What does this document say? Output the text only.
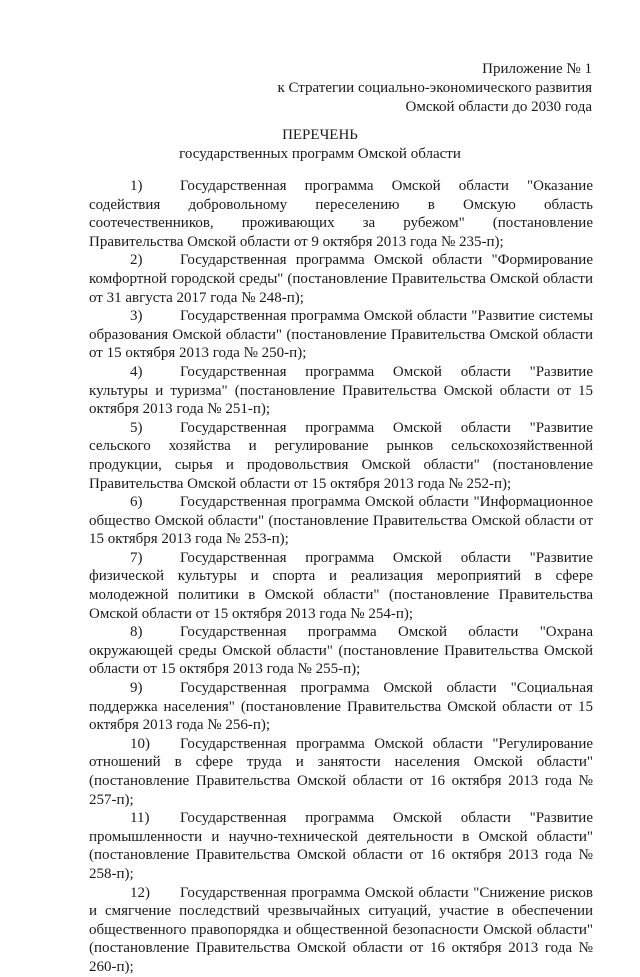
Приложение № 1
к Стратегии социально-экономического развития
Омской области до 2030 года
ПЕРЕЧЕНЬ
государственных программ Омской области
1)	Государственная программа Омской области "Оказание содействия добровольному переселению в Омскую область соотечественников, проживающих за рубежом" (постановление Правительства Омской области от 9 октября 2013 года № 235-п);
2)	Государственная программа Омской области "Формирование комфортной городской среды" (постановление Правительства Омской области от 31 августа 2017 года № 248-п);
3)	Государственная программа Омской области "Развитие системы образования Омской области" (постановление Правительства Омской области от 15 октября 2013 года № 250-п);
4)	Государственная программа Омской области "Развитие культуры и туризма" (постановление Правительства Омской области от 15 октября 2013 года № 251-п);
5)	Государственная программа Омской области "Развитие сельского хозяйства и регулирование рынков сельскохозяйственной продукции, сырья и продовольствия Омской области" (постановление Правительства Омской области от 15 октября 2013 года № 252-п);
6)	Государственная программа Омской области "Информационное общество Омской области" (постановление Правительства Омской области от 15 октября 2013 года № 253-п);
7)	Государственная программа Омской области "Развитие физической культуры и спорта и реализация мероприятий в сфере молодежной политики в Омской области" (постановление Правительства Омской области от 15 октября 2013 года № 254-п);
8)	Государственная программа Омской области "Охрана окружающей среды Омской области" (постановление Правительства Омской области от 15 октября 2013 года № 255-п);
9)	Государственная программа Омской области "Социальная поддержка населения" (постановление Правительства Омской области от 15 октября 2013 года № 256-п);
10) Государственная программа Омской области "Регулирование отношений в сфере труда и занятости населения Омской области" (постановление Правительства Омской области от 16 октября 2013 года № 257-п);
11) Государственная программа Омской области "Развитие промышленности и научно-технической деятельности в Омской области" (постановление Правительства Омской области от 16 октября 2013 года № 258-п);
12) Государственная программа Омской области "Снижение рисков и смягчение последствий чрезвычайных ситуаций, участие в обеспечении общественного правопорядка и общественной безопасности Омской области" (постановление Правительства Омской области от 16 октября 2013 года № 260-п);
